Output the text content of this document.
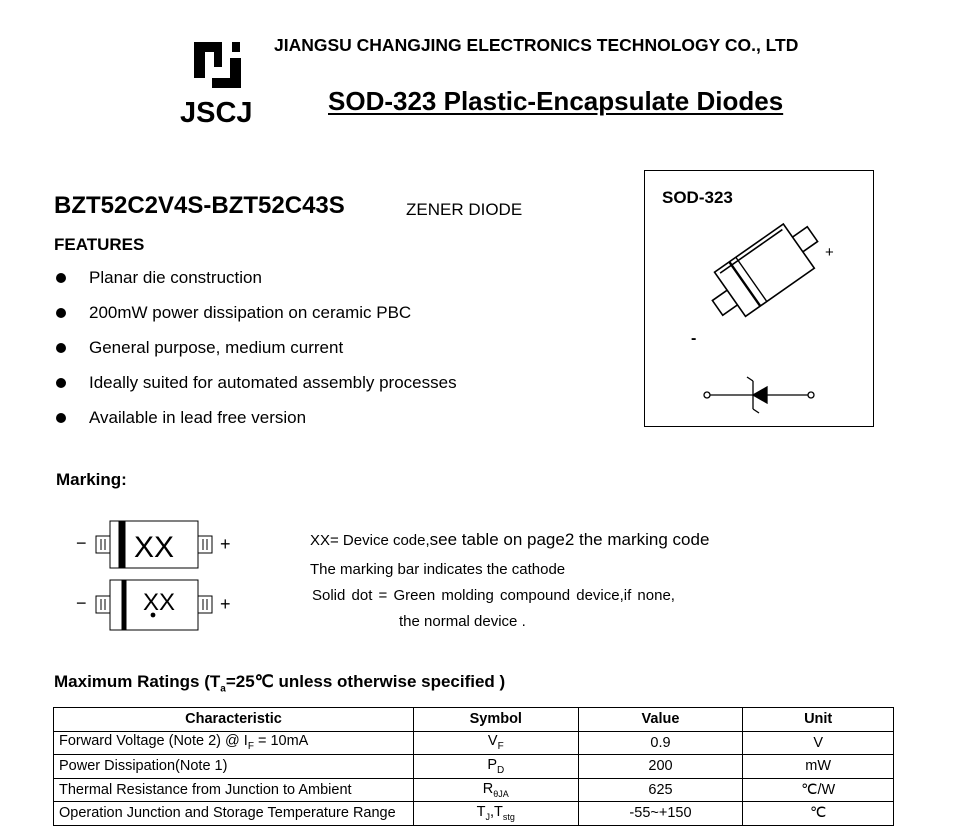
JSCJ
JIANGSU CHANGJING ELECTRONICS TECHNOLOGY CO., LTD
SOD-323 Plastic-Encapsulate Diodes
BZT52C2V4S-BZT52C43S	ZENER DIODE
FEATURES
Planar die construction
200mW power dissipation on ceramic PBC
General purpose, medium current
Ideally suited for automated assembly processes
Available in lead free version
+
-
SOD-323
Marking:
− XX	+
− XX +
XX= Device code,see table on page2 the marking code
The marking bar indicates the cathode
Solid dot = Green molding compound device,if none,
the normal device .
Maximum Ratings ($T_a=25℃$ unless otherwise specified )
Characteristic	Symbol	Value	Unit
Forward Voltage (Note 2) @ $I_F = 10mA$	$V_F$	0.9	V
Power Dissipation(Note 1)	$P_D$	200	mW
Thermal Resistance from Junction to Ambient	$R_{\theta JA}$	625	℃/W
Operation Junction and Storage Temperature Range	$T_J,T_{stg}$	-55~+150	℃
